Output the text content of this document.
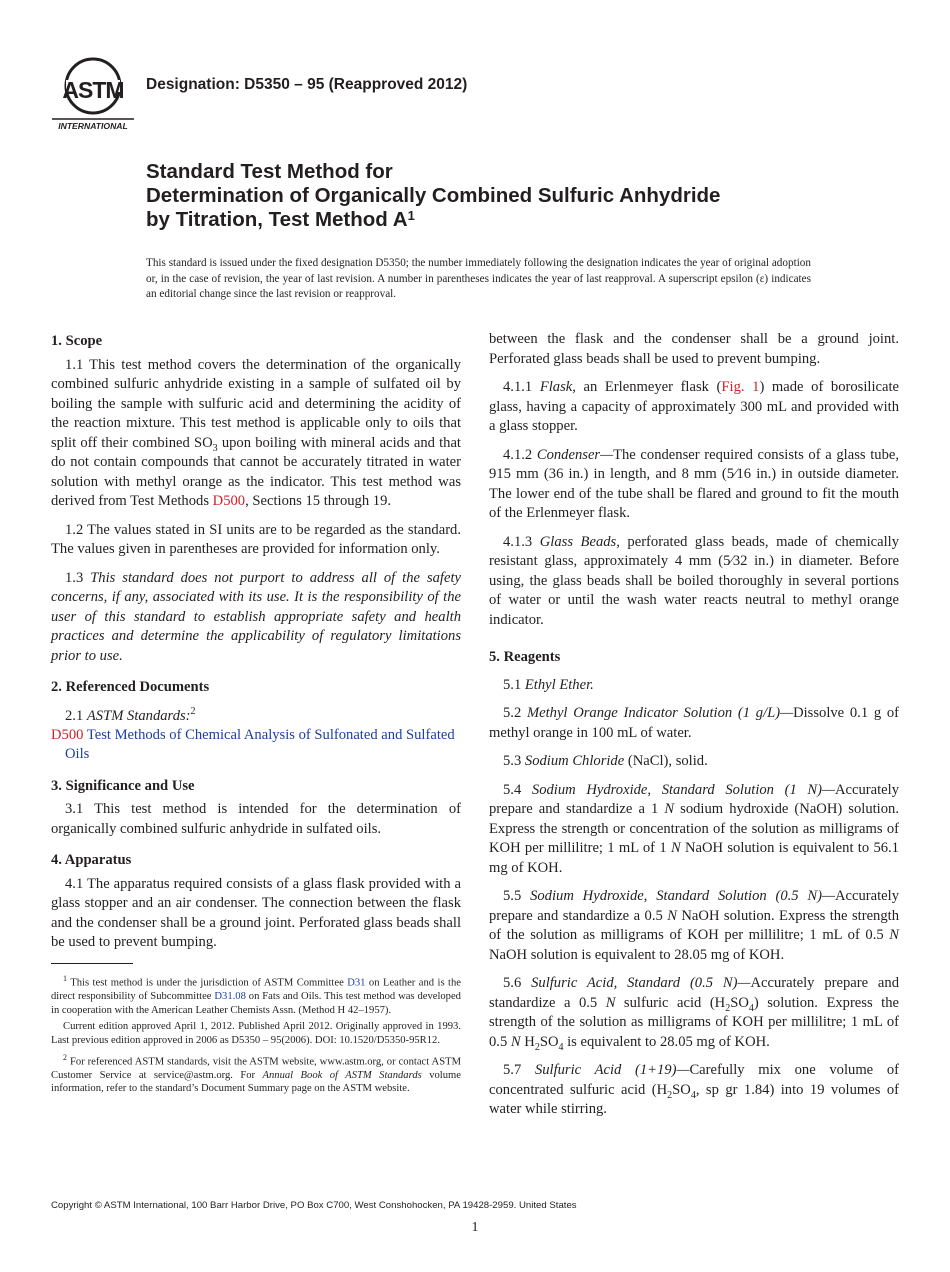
ASTM
INTERNATIONAL
Designation: D5350 – 95 (Reapproved 2012)
Standard Test Method for
Determination of Organically Combined Sulfuric Anhydride
by Titration, Test Method $A^1$
This standard is issued under the fixed designation D5350; the number immediately following the designation indicates the year of original adoption or, in the case of revision, the year of last revision. A number in parentheses indicates the year of last reapproval. A superscript epsilon (ε) indicates an editorial change since the last revision or reapproval.
1. Scope

1.1 This test method covers the determination of the organically combined sulfuric anhydride existing in a sample of sulfated oil by boiling the sample with sulfuric acid and determining the acidity of the reaction mixture. This test method is applicable only to oils that split off their combined $SO_3$ upon boiling with mineral acids and that do not contain compounds that cannot be accurately titrated in water solution with methyl orange as the indicator. This test method was derived from Test Methods D500, Sections 15 through 19.

1.2 The values stated in SI units are to be regarded as the standard. The values given in parentheses are provided for information only.

1.3 This standard does not purport to address all of the safety concerns, if any, associated with its use. It is the responsibility of the user of this standard to establish appropriate safety and health practices and determine the applicability of regulatory limitations prior to use.

2. Referenced Documents

2.1 ASTM Standards:$^2$

D500 Test Methods of Chemical Analysis of Sulfonated and Sulfated Oils

3. Significance and Use

3.1 This test method is intended for the determination of organically combined sulfuric anhydride in sulfated oils.

4. Apparatus

4.1 The apparatus required consists of a glass flask provided with a glass stopper and an air condenser. The connection between the flask and the condenser shall be a ground joint. Perforated glass beads shall be used to prevent bumping.

between the flask and the condenser shall be a ground joint. Perforated glass beads shall be used to prevent bumping.

4.1.1 Flask, an Erlenmeyer flask (Fig. 1) made of borosilicate glass, having a capacity of approximately 300 mL and provided with a glass stopper.

4.1.2 Condenser—The condenser required consists of a glass tube, 915 mm (36 in.) in length, and 8 mm (5⁄16 in.) in outside diameter. The lower end of the tube shall be flared and ground to fit the mouth of the Erlenmeyer flask.

4.1.3 Glass Beads, perforated glass beads, made of chemically resistant glass, approximately 4 mm (5⁄32 in.) in diameter. Before using, the glass beads shall be boiled thoroughly in several portions of water or until the wash water reacts neutral to methyl orange indicator.

5. Reagents

5.1 Ethyl Ether.

5.2 Methyl Orange Indicator Solution (1 g/L)—Dissolve 0.1 g of methyl orange in 100 mL of water.

5.3 Sodium Chloride (NaCl), solid.

5.4 Sodium Hydroxide, Standard Solution (1 N)—Accurately prepare and standardize a 1 N sodium hydroxide (NaOH) solution. Express the strength or concentration of the solution as milligrams of KOH per millilitre; 1 mL of 1 N NaOH solution is equivalent to 56.1 mg of KOH.

5.5 Sodium Hydroxide, Standard Solution (0.5 N)—Accurately prepare and standardize a 0.5 N NaOH solution. Express the strength of the solution as milligrams of KOH per millilitre; 1 mL of 0.5 N NaOH solution is equivalent to 28.05 mg of KOH.

5.6 Sulfuric Acid, Standard (0.5 N)—Accurately prepare and standardize a 0.5 N sulfuric acid $(H_2SO_4)$ solution. Express the strength of the solution as milligrams of KOH per millilitre; 1 mL of 0.5 N $H_2SO_4$ is equivalent to 28.05 mg of KOH.

5.7 Sulfuric Acid (1+19)—Carefully mix one volume of concentrated sulfuric acid ($H_2SO_4$, sp gr 1.84) into 19 volumes of water while stirring.

$^1$ This test method is under the jurisdiction of ASTM Committee D31 on Leather and is the direct responsibility of Subcommittee D31.08 on Fats and Oils. This test method was developed in cooperation with the American Leather Chemists Assn. (Method H 42–1957).

Current edition approved April 1, 2012. Published April 2012. Originally approved in 1993. Last previous edition approved in 2006 as D5350 – 95(2006). DOI: 10.1520/D5350-95R12.

$^2$ For referenced ASTM standards, visit the ASTM website, www.astm.org, or contact ASTM Customer Service at service@astm.org. For Annual Book of ASTM Standards volume information, refer to the standard’s Document Summary page on the ASTM website.

Copyright © ASTM International, 100 Barr Harbor Drive, PO Box C700, West Conshohocken, PA 19428-2959. United States
1
